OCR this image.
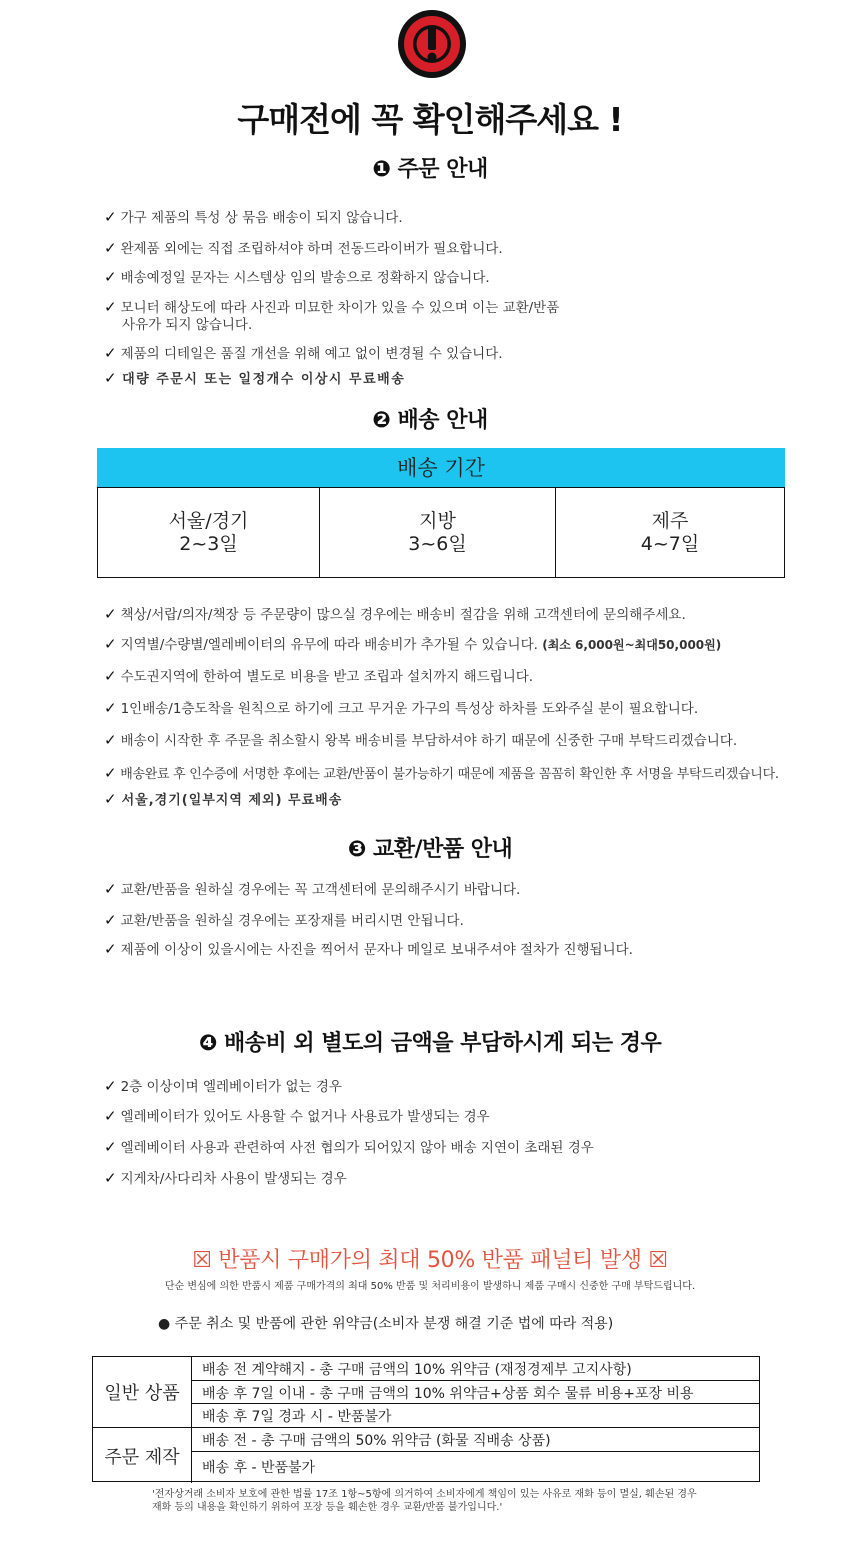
구매전에 꼭 확인해주세요 !
❶ 주문 안내
✓ 가구 제품의 특성 상 묶음 배송이 되지 않습니다.
✓ 완제품 외에는 직접 조립하셔야 하며 전동드라이버가 필요합니다.
✓ 배송예정일 문자는 시스템상 임의 발송으로 정확하지 않습니다.
✓ 모니터 해상도에 따라 사진과 미묘한 차이가 있을 수 있으며 이는 교환/반품
사유가 되지 않습니다.
✓ 제품의 디테일은 품질 개선을 위해 예고 없이 변경될 수 있습니다.
✓ 대량 주문시 또는 일정개수 이상시 무료배송
❷ 배송 안내
배송 기간
서울/경기
2~3일
지방
3~6일
제주
4~7일
✓ 책상/서랍/의자/책장 등 주문량이 많으실 경우에는 배송비 절감을 위해 고객센터에 문의해주세요.
✓ 지역별/수량별/엘레베이터의 유무에 따라 배송비가 추가될 수 있습니다. (최소 6,000원~최대50,000원)
✓ 수도권지역에 한하여 별도로 비용을 받고 조립과 설치까지 해드립니다.
✓ 1인배송/1층도착을 원칙으로 하기에 크고 무거운 가구의 특성상 하차를 도와주실 분이 필요합니다.
✓ 배송이 시작한 후 주문을 취소할시 왕복 배송비를 부담하셔야 하기 때문에 신중한 구매 부탁드리겠습니다.
✓ 배송완료 후 인수증에 서명한 후에는 교환/반품이 불가능하기 때문에 제품을 꼼꼼히 확인한 후 서명을 부탁드리겠습니다.
✓ 서울,경기(일부지역 제외) 무료배송
❸ 교환/반품 안내
✓ 교환/반품을 원하실 경우에는 꼭 고객센터에 문의해주시기 바랍니다.
✓ 교환/반품을 원하실 경우에는 포장재를 버리시면 안됩니다.
✓ 제품에 이상이 있을시에는 사진을 찍어서 문자나 메일로 보내주셔야 절차가 진행됩니다.
❹ 배송비 외 별도의 금액을 부담하시게 되는 경우
✓ 2층 이상이며 엘레베이터가 없는 경우
✓ 엘레베이터가 있어도 사용할 수 없거나 사용료가 발생되는 경우
✓ 엘레베이터 사용과 관련하여 사전 협의가 되어있지 않아 배송 지연이 초래된 경우
✓ 지게차/사다리차 사용이 발생되는 경우
☒ 반품시 구매가의 최대 50% 반품 패널티 발생 ☒
단순 변심에 의한 반품시 제품 구매가격의 최대 50% 반품 및 처리비용이 발생하니 제품 구매시 신중한 구매 부탁드립니다.
● 주문 취소 및 반품에 관한 위약금(소비자 분쟁 해결 기준 법에 따라 적용)
일반 상품
배송 전 계약해지 - 총 구매 금액의 10% 위약금 (재정경제부 고지사항)
배송 후 7일 이내 - 총 구매 금액의 10% 위약금+상품 회수 물류 비용+포장 비용
배송 후 7일 경과 시 - 반품불가
주문 제작
배송 전 - 총 구매 금액의 50% 위약금 (화물 직배송 상품)
배송 후 - 반품불가
'전자상거래 소비자 보호에 관한 법률 17조 1항~5항에 의거하여 소비자에게 책임이 있는 사유로 재화 등이 멸실, 훼손된 경우
재화 등의 내용을 확인하기 위하여 포장 등을 훼손한 경우 교환/반품 불가입니다.'
